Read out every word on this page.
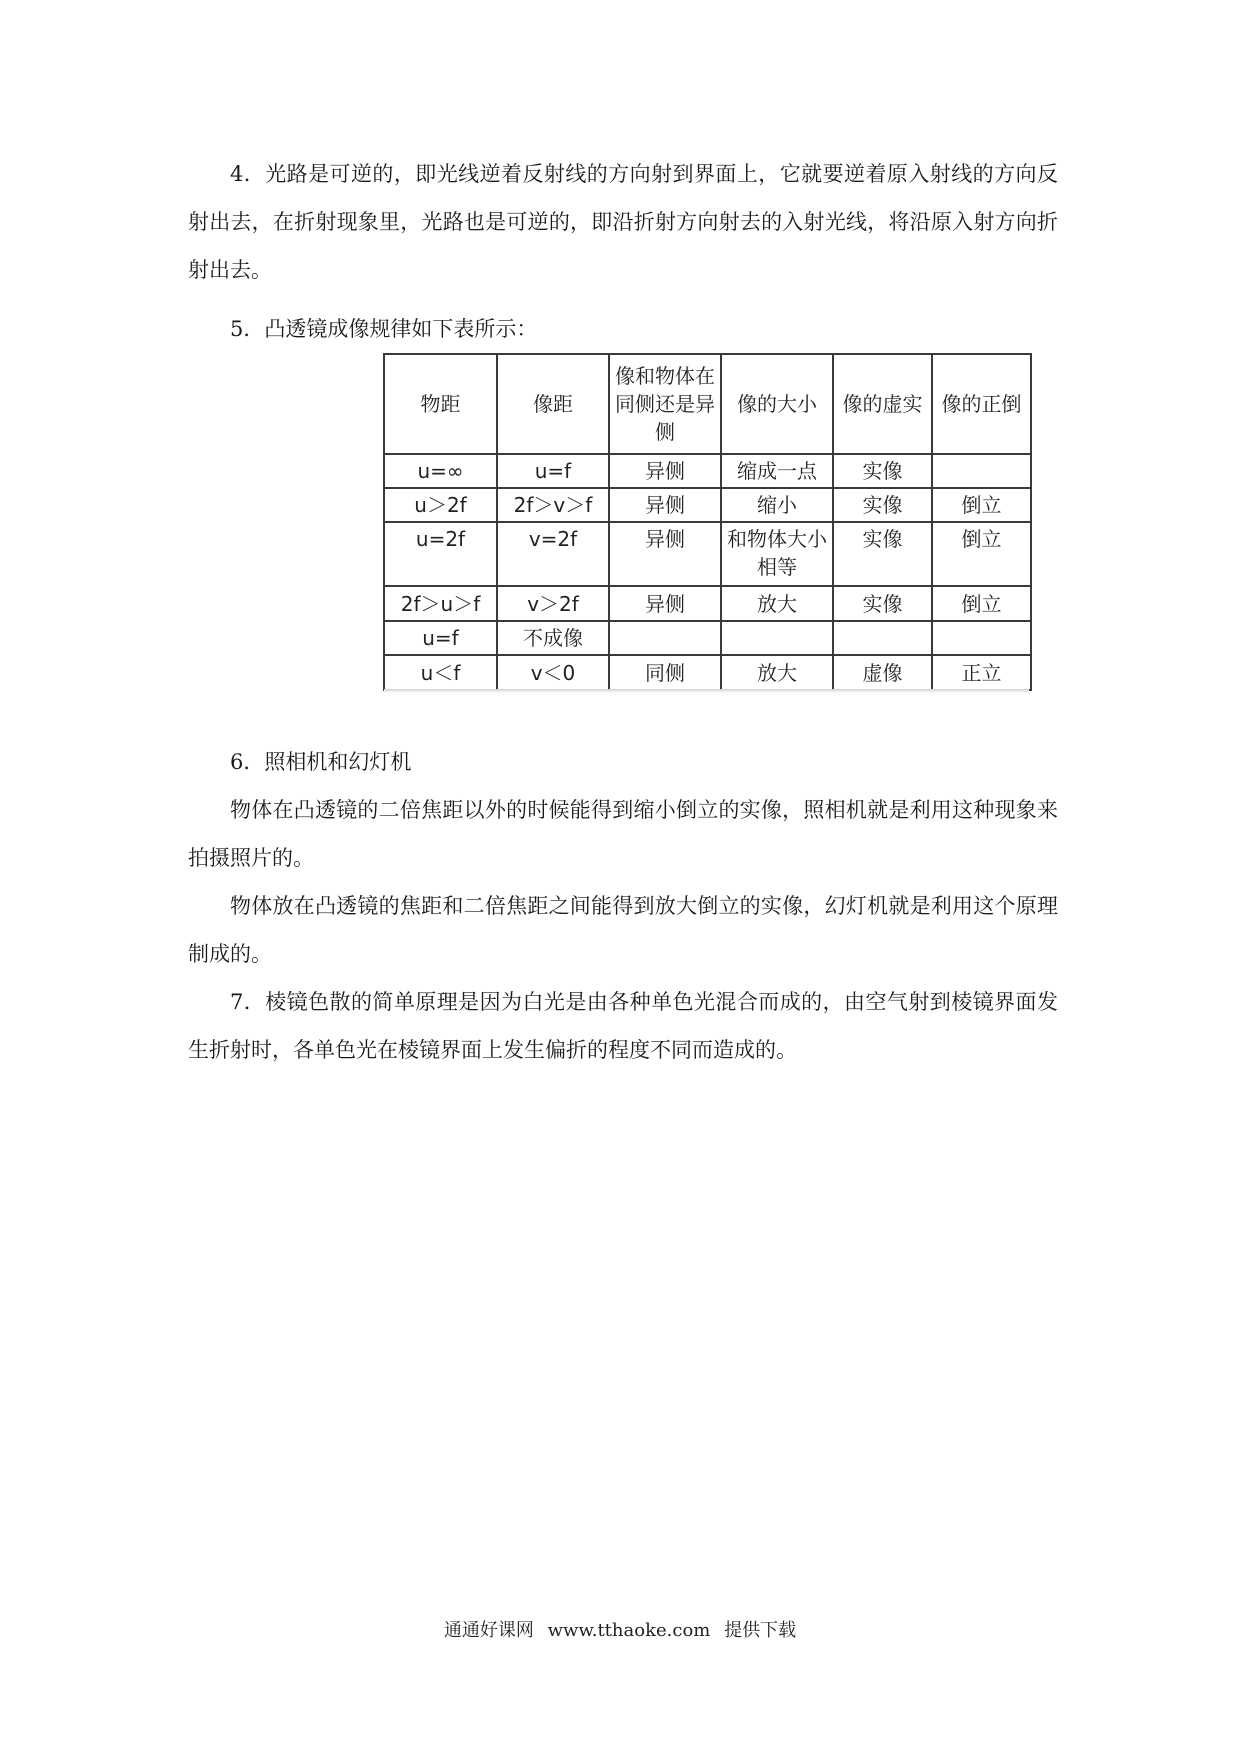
4．光路是可逆的，即光线逆着反射线的方向射到界面上，它就要逆着原入射线的方向反射出去，在折射现象里，光路也是可逆的，即沿折射方向射去的入射光线，将沿原入射方向折射出去。

5．凸透镜成像规律如下表所示：

物距	像距	像和物体在同侧还是异侧	像的大小	像的虚实	像的正倒
u=∞	u=f	异侧	缩成一点	实像	
u＞2f	2f＞v＞f	异侧	缩小	实像	倒立
u=2f	v=2f	异侧	和物体大小相等	实像	倒立
2f＞u＞f	v＞2f	异侧	放大	实像	倒立
u=f	不成像				
u＜f	v＜0	同侧	放大	虚像	正立

6．照相机和幻灯机

物体在凸透镜的二倍焦距以外的时候能得到缩小倒立的实像，照相机就是利用这种现象来拍摄照片的。

物体放在凸透镜的焦距和二倍焦距之间能得到放大倒立的实像，幻灯机就是利用这个原理制成的。

7．棱镜色散的简单原理是因为白光是由各种单色光混合而成的，由空气射到棱镜界面发生折射时，各单色光在棱镜界面上发生偏折的程度不同而造成的。

通通好课网 www.tthaoke.com 提供下载
